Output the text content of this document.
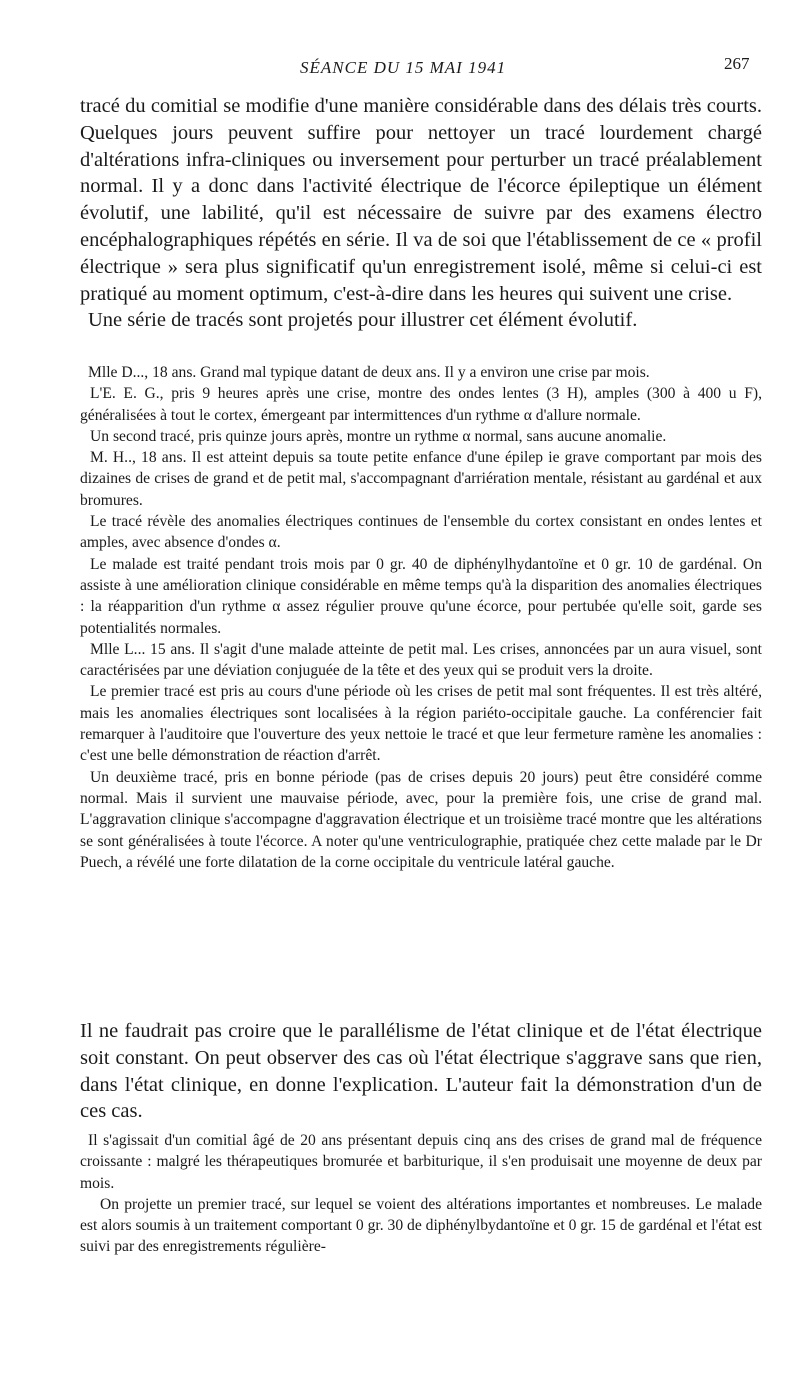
SÉANCE DU 15 MAI 1941	267

tracé du comitial se modifie d'une manière considérable dans des délais très courts. Quelques jours peuvent suffire pour nettoyer un tracé lourdement chargé d'altérations infra-cliniques ou inversement pour perturber un tracé préalablement normal. Il y a donc dans l'activité électrique de l'écorce épileptique un élément évolutif, une labilité, qu'il est nécessaire de suivre par des examens électro encéphalographiques répétés en série. Il va de soi que l'établissement de ce « profil électrique » sera plus significatif qu'un enregistrement isolé, même si celui-ci est pratiqué au moment optimum, c'est-à-dire dans les heures qui suivent une crise.

Une série de tracés sont projetés pour illustrer cet élément évolutif.

Mlle D..., 18 ans. Grand mal typique datant de deux ans. Il y a environ une crise par mois.

L'E. E. G., pris 9 heures après une crise, montre des ondes lentes (3 H), amples (300 à 400 u F), généralisées à tout le cortex, émergeant par intermittences d'un rythme α d'allure normale.

Un second tracé, pris quinze jours après, montre un rythme α normal, sans aucune anomalie.

M. H.., 18 ans. Il est atteint depuis sa toute petite enfance d'une épilep ie grave comportant par mois des dizaines de crises de grand et de petit mal, s'accompagnant d'arriération mentale, résistant au gardénal et aux bromures.

Le tracé révèle des anomalies électriques continues de l'ensemble du cortex consistant en ondes lentes et amples, avec absence d'ondes α.

Le malade est traité pendant trois mois par 0 gr. 40 de diphénylhydantoïne et 0 gr. 10 de gardénal. On assiste à une amélioration clinique considérable en même temps qu'à la disparition des anomalies électriques : la réapparition d'un rythme α assez régulier prouve qu'une écorce, pour pertubée qu'elle soit, garde ses potentialités normales.

Mlle L... 15 ans. Il s'agit d'une malade atteinte de petit mal. Les crises, annoncées par un aura visuel, sont caractérisées par une déviation conjuguée de la tête et des yeux qui se produit vers la droite.

Le premier tracé est pris au cours d'une période où les crises de petit mal sont fréquentes. Il est très altéré, mais les anomalies électriques sont localisées à la région pariéto-occipitale gauche. La conférencier fait remarquer à l'auditoire que l'ouverture des yeux nettoie le tracé et que leur fermeture ramène les anomalies : c'est une belle démonstration de réaction d'arrêt.

Un deuxième tracé, pris en bonne période (pas de crises depuis 20 jours) peut être considéré comme normal. Mais il survient une mauvaise période, avec, pour la première fois, une crise de grand mal. L'aggravation clinique s'accompagne d'aggravation électrique et un troisième tracé montre que les altérations se sont généralisées à toute l'écorce. A noter qu'une ventriculographie, pratiquée chez cette malade par le Dr Puech, a révélé une forte dilatation de la corne occipitale du ventricule latéral gauche.

Il ne faudrait pas croire que le parallélisme de l'état clinique et de l'état électrique soit constant. On peut observer des cas où l'état électrique s'aggrave sans que rien, dans l'état clinique, en donne l'explication. L'auteur fait la démonstration d'un de ces cas.

Il s'agissait d'un comitial âgé de 20 ans présentant depuis cinq ans des crises de grand mal de fréquence croissante : malgré les thérapeutiques bromurée et barbiturique, il s'en produisait une moyenne de deux par mois.

On projette un premier tracé, sur lequel se voient des altérations importantes et nombreuses. Le malade est alors soumis à un traitement comportant 0 gr. 30 de diphénylbydantoïne et 0 gr. 15 de gardénal et l'état est suivi par des enregistrements régulière-
